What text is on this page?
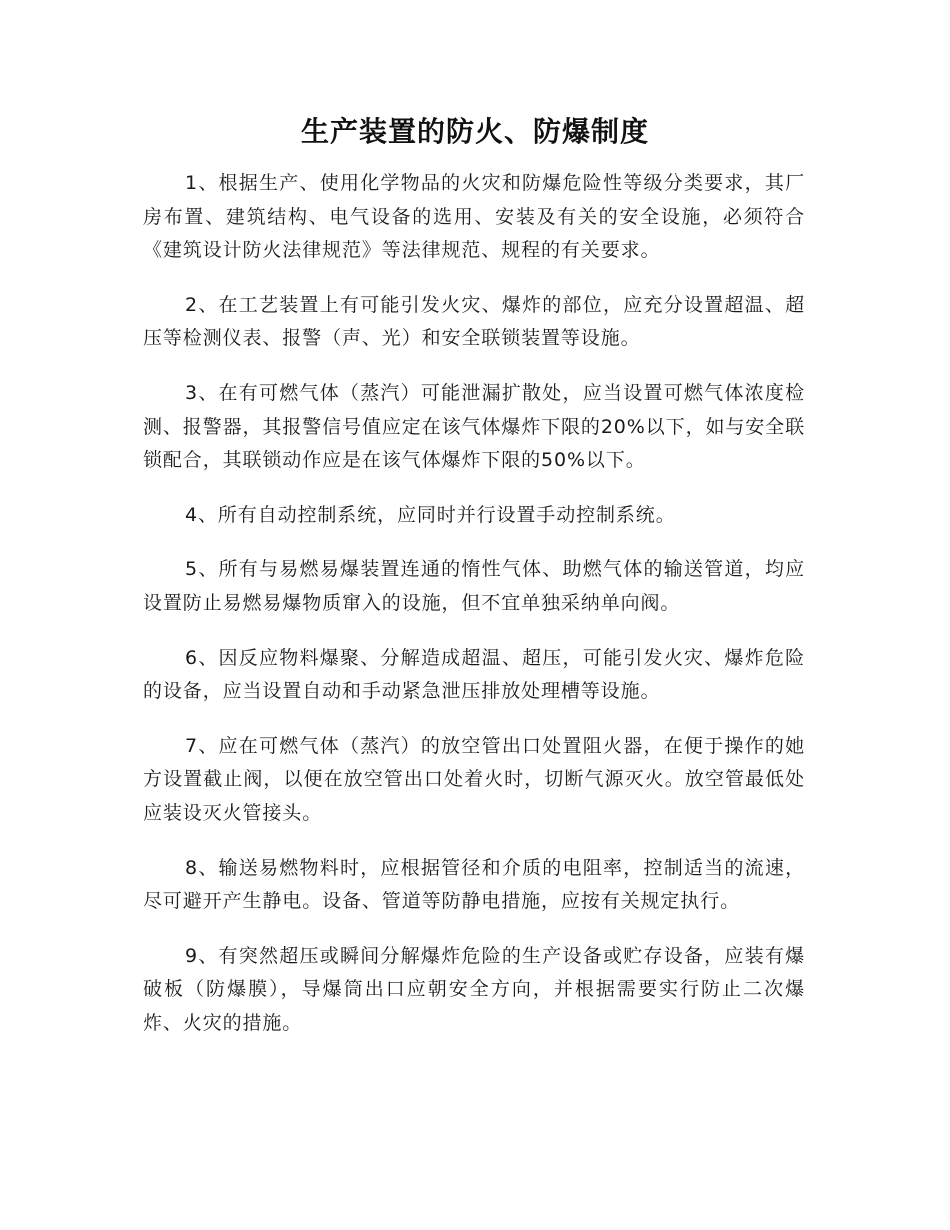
生产装置的防火、防爆制度

1、根据生产、使用化学物品的火灾和防爆危险性等级分类要求，其厂房布置、建筑结构、电气设备的选用、安装及有关的安全设施，必须符合《建筑设计防火法律规范》等法律规范、规程的有关要求。

2、在工艺装置上有可能引发火灾、爆炸的部位，应充分设置超温、超压等检测仪表、报警（声、光）和安全联锁装置等设施。

3、在有可燃气体（蒸汽）可能泄漏扩散处，应当设置可燃气体浓度检测、报警器，其报警信号值应定在该气体爆炸下限的20%以下，如与安全联锁配合，其联锁动作应是在该气体爆炸下限的50%以下。

4、所有自动控制系统，应同时并行设置手动控制系统。

5、所有与易燃易爆装置连通的惰性气体、助燃气体的输送管道，均应设置防止易燃易爆物质窜入的设施，但不宜单独采纳单向阀。

6、因反应物料爆聚、分解造成超温、超压，可能引发火灾、爆炸危险的设备，应当设置自动和手动紧急泄压排放处理槽等设施。

7、应在可燃气体（蒸汽）的放空管出口处置阻火器，在便于操作的她方设置截止阀，以便在放空管出口处着火时，切断气源灭火。放空管最低处应装设灭火管接头。

8、输送易燃物料时，应根据管径和介质的电阻率，控制适当的流速，尽可避开产生静电。设备、管道等防静电措施，应按有关规定执行。

9、有突然超压或瞬间分解爆炸危险的生产设备或贮存设备，应装有爆破板（防爆膜），导爆筒出口应朝安全方向，并根据需要实行防止二次爆炸、火灾的措施。
